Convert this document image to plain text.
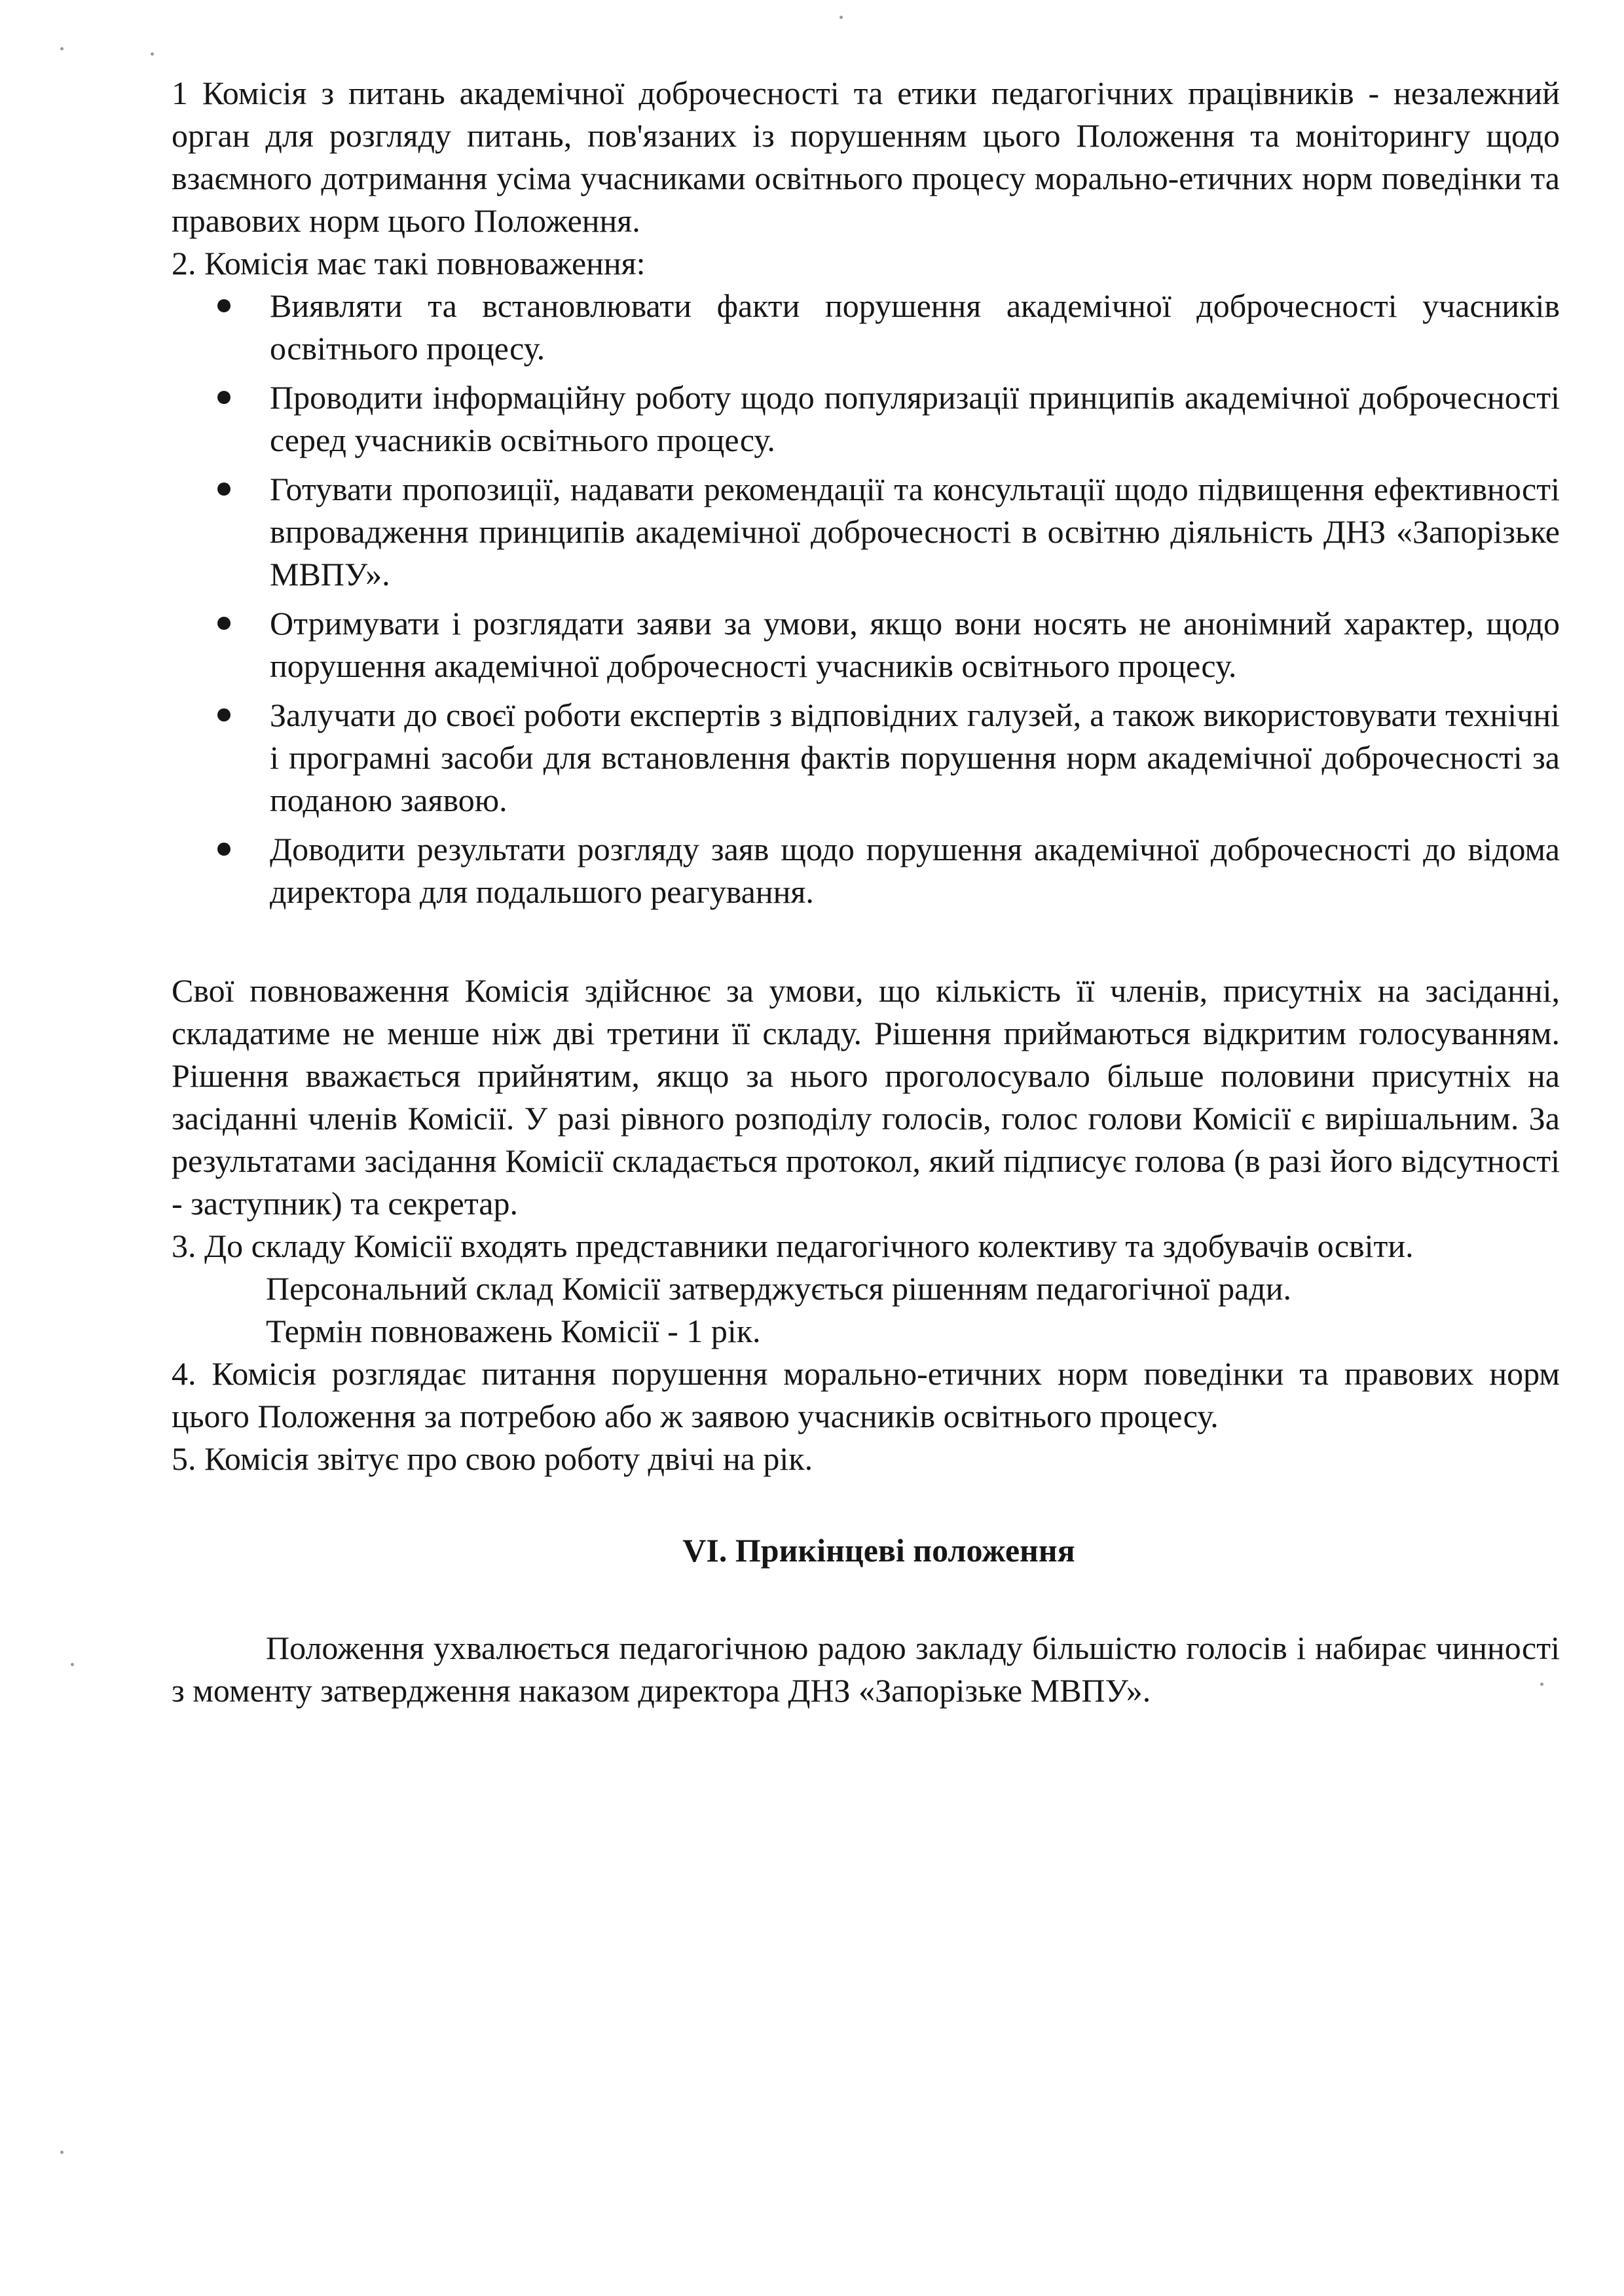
1 Комісія з питань академічної доброчесності та етики педагогічних працівників - незалежний орган для розгляду питань, пов'язаних із порушенням цього Положення та моніторингу щодо взаємного дотримання усіма учасниками освітнього процесу морально-етичних норм поведінки та правових норм цього Положення.

2. Комісія має такі повноваження:

Виявляти та встановлювати факти порушення академічної доброчесності учасників освітнього процесу.
Проводити інформаційну роботу щодо популяризації принципів академічної доброчесності серед учасників освітнього процесу.
Готувати пропозиції, надавати рекомендації та консультації щодо підвищення ефективності впровадження принципів академічної доброчесності в освітню діяльність ДНЗ «Запорізьке МВПУ».
Отримувати і розглядати заяви за умови, якщо вони носять не анонімний характер, щодо порушення академічної доброчесності учасників освітнього процесу.
Залучати до своєї роботи експертів з відповідних галузей, а також використовувати технічні і програмні засоби для встановлення фактів порушення норм академічної доброчесності за поданою заявою.
Доводити результати розгляду заяв щодо порушення академічної доброчесності до відома директора для подальшого реагування.

Свої повноваження Комісія здійснює за умови, що кількість її членів, присутніх на засіданні, складатиме не менше ніж дві третини її складу. Рішення приймаються відкритим голосуванням. Рішення вважається прийнятим, якщо за нього проголосувало більше половини присутніх на засіданні членів Комісії. У разі рівного розподілу голосів, голос голови Комісії є вирішальним. За результатами засідання Комісії складається протокол, який підписує голова (в разі його відсутності - заступник) та секретар.

3. До складу Комісії входять представники педагогічного колективу та здобувачів освіти.

Персональний склад Комісії затверджується рішенням педагогічної ради.

Термін повноважень Комісії - 1 рік.

4. Комісія розглядає питання порушення морально-етичних норм поведінки та правових норм цього Положення за потребою або ж заявою учасників освітнього процесу.

5. Комісія звітує про свою роботу двічі на рік.

VI. Прикінцеві положення

Положення ухвалюється педагогічною радою закладу більшістю голосів і набирає чинності з моменту затвердження наказом директора ДНЗ «Запорізьке МВПУ».
